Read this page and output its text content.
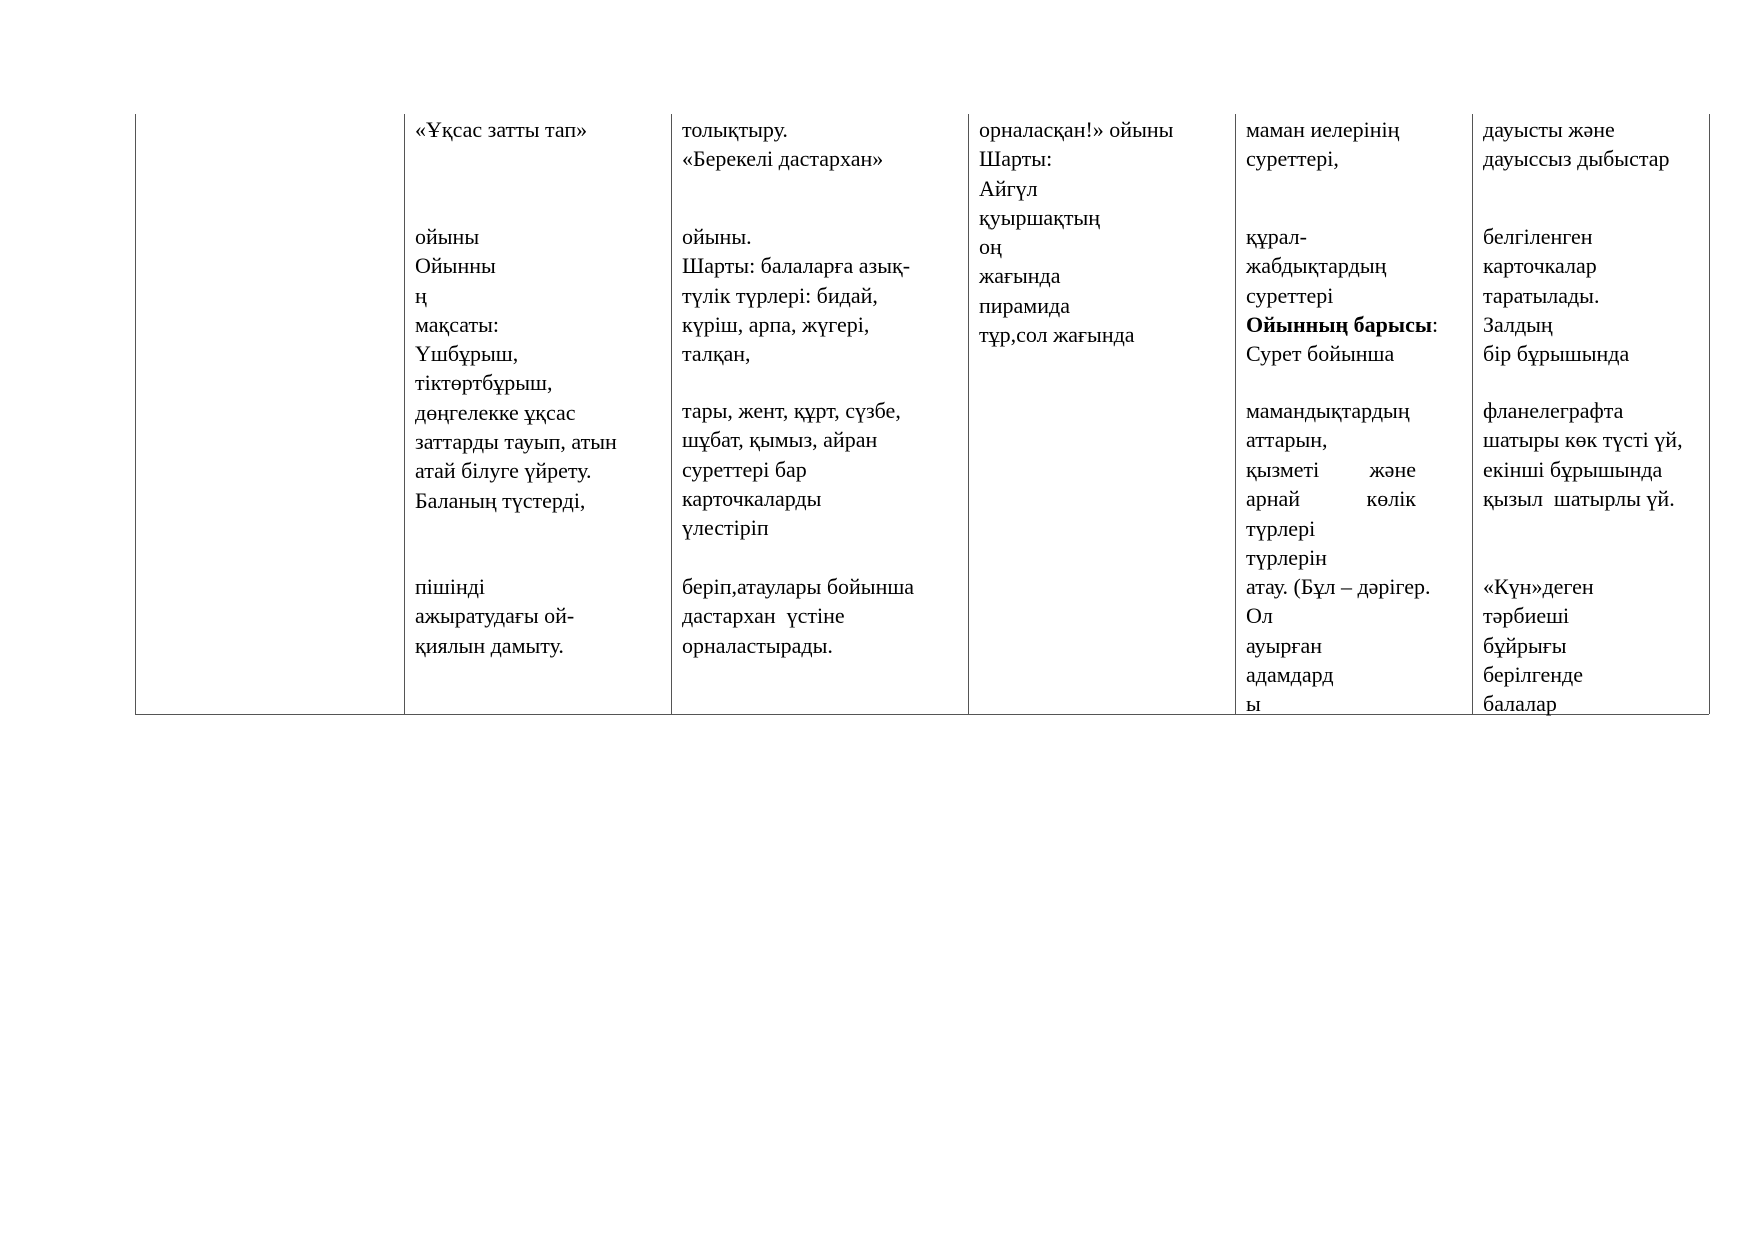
«Ұқсас затты тап»
ойыны
Ойынны
ң
мақсаты:
Үшбұрыш,
тіктөртбұрыш,
дөңгелекке ұқсас
заттарды тауып, атын
атай білуге үйрету.
Баланың түстерді,
пішінді
ажыратудағы ой-
қиялын дамыту.
толықтыру.
«Берекелі дастархан»
ойыны.
Шарты: балаларға азық-
түлік түрлері: бидай,
күріш, арпа, жүгері,
талқан,
тары, жент, құрт, сүзбе,
шұбат, қымыз, айран
суреттері бар
карточкаларды
үлестіріп
беріп,атаулары бойынша
дастархан  үстіне
орналастырады.
орналасқан!» ойыны
Шарты:
Айгүл
қуыршақтың
оң
жағында
пирамида
тұр,сол жағында
маман иелерінің
суреттері,
құрал-
жабдықтардың
суреттері
Ойынның барысы:
Сурет бойынша
мамандықтардың
аттарын,
қызметі және
арнай	көлік
түрлері
түрлерін
атау. (Бұл – дәрігер.
Ол
ауырған
адамдард
ы
дауысты және
дауыссыз дыбыстар
белгіленген
карточкалар
таратылады.
Залдың
бір бұрышында
фланелеграфта
шатыры көк түсті үй,
екінші бұрышында
қызыл  шатырлы үй.
«Күн»деген
тәрбиеші
бұйрығы
берілгенде
балалар
